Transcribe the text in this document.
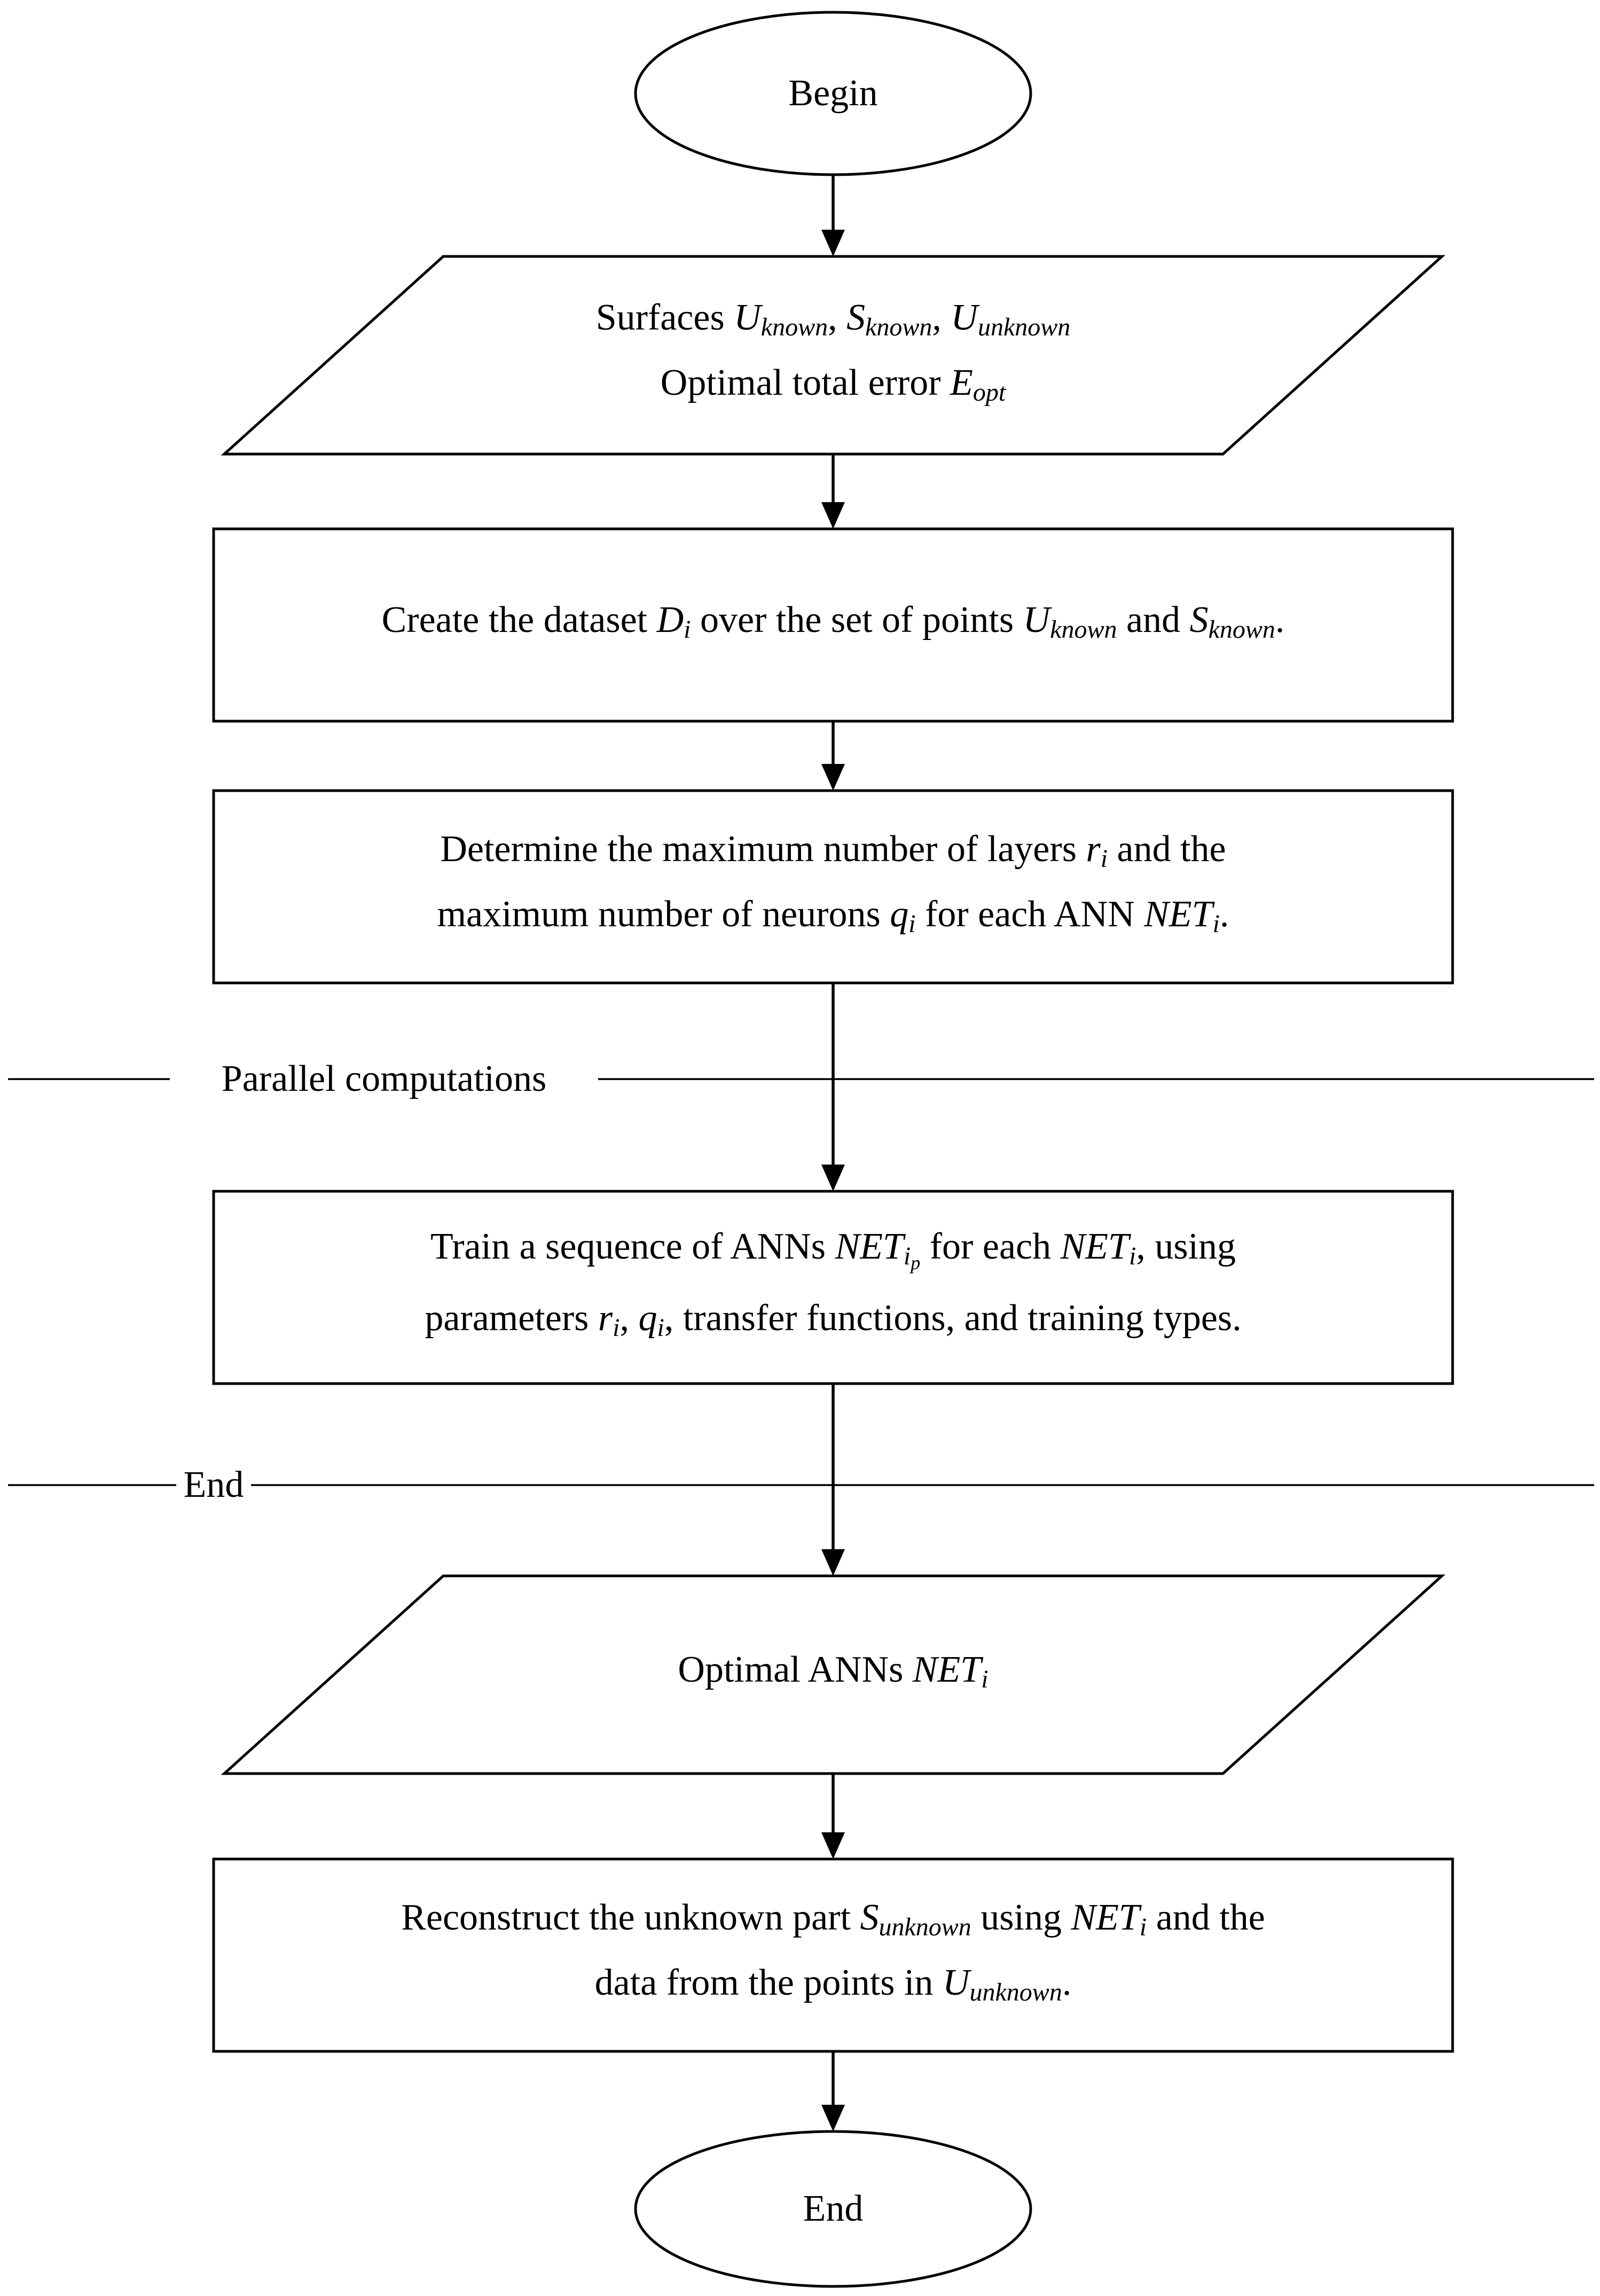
Begin
Surfaces $U_{known}$, $S_{known}$, $U_{unknown}$
Optimal total error $E_{opt}$
Create the dataset $D_i$ over the set of points $U_{known}$ and $S_{known}$.
Determine the maximum number of layers $r_i$ and the
maximum number of neurons $q_i$ for each ANN $NET_i$.
Parallel computations
Train a sequence of ANNs $NET_{ip}$ for each $NET_i$, using
parameters $r_i$, $q_i$, transfer functions, and training types.
End
Optimal ANNs $NET_i$
Reconstruct the unknown part $S_{unknown}$ using $NET_i$ and the
data from the points in $U_{unknown}$.
End
